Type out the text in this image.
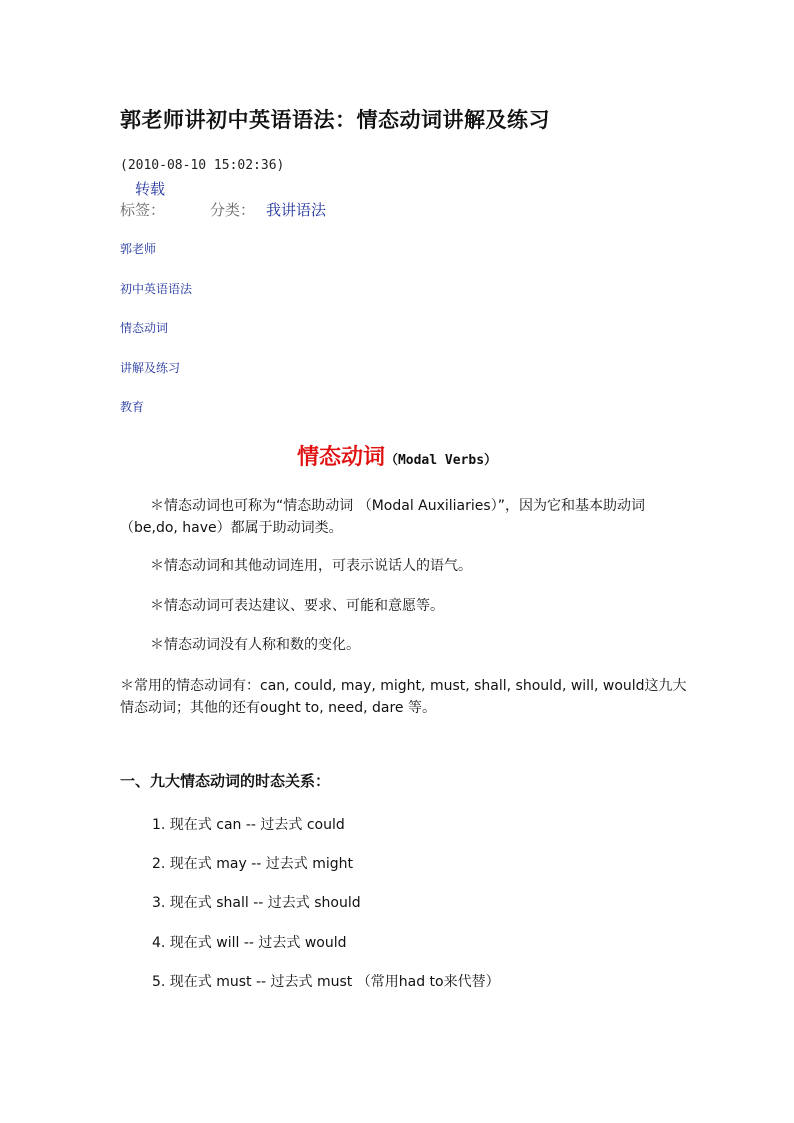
郭老师讲初中英语语法：情态动词讲解及练习
(2010-08-10 15:02:36)
转载
标签：	分类： 我讲语法
郭老师
初中英语语法
情态动词
讲解及练习
教育
情态动词（Modal Verbs）
＊情态动词也可称为“情态助动词 （Modal Auxiliaries）”，因为它和基本助动词（be,do, have）都属于助动词类。
＊情态动词和其他动词连用，可表示说话人的语气。
＊情态动词可表达建议、要求、可能和意愿等。
＊情态动词没有人称和数的变化。
＊常用的情态动词有：can, could, may, might, must, shall, should, will, would这九大情态动词；其他的还有ought to, need, dare 等。
一、九大情态动词的时态关系：
1. 现在式 can -- 过去式 could
2. 现在式 may -- 过去式 might
3. 现在式 shall -- 过去式 should
4. 现在式 will -- 过去式 would
5. 现在式 must -- 过去式 must （常用had to来代替）
